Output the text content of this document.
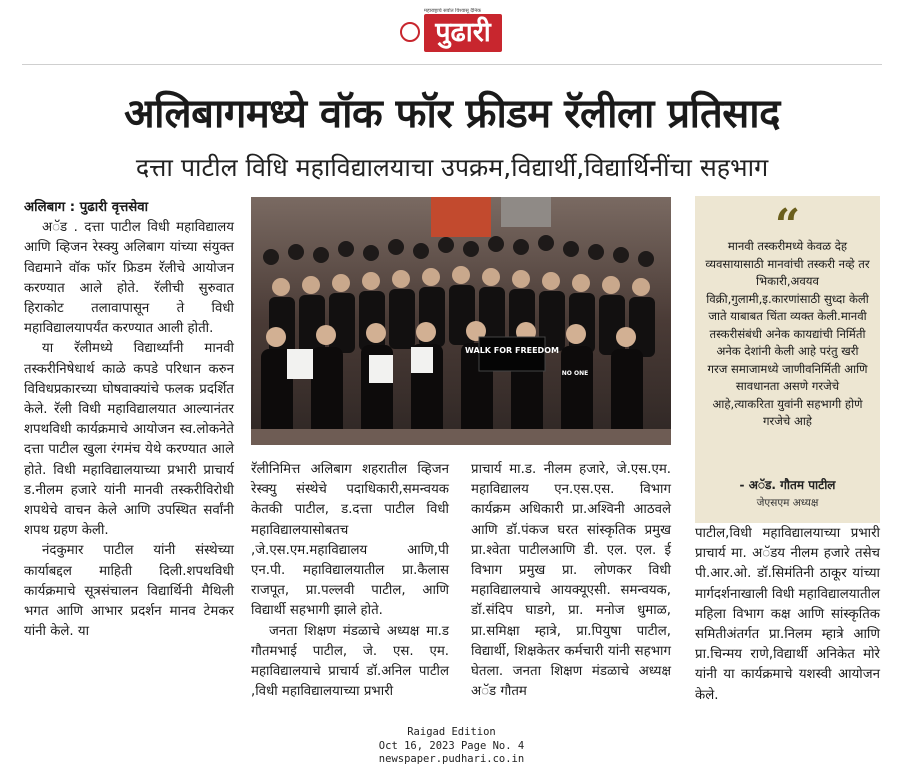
महाराष्ट्राचे सर्वात विश्वासू दैनिक
पुढारी
अलिबागमध्ये वॉक फॉर फ्रीडम रॅलीला प्रतिसाद
दत्ता पाटील विधि महाविद्यालयाचा उपक्रम,विद्यार्थी,विद्यार्थिनींचा सहभाग

अलिबाग : पुढारी वृत्तसेवा

अॅड . दत्ता पाटील विधी महाविद्यालय आणि व्हिजन रेस्क्यु अलिबाग यांच्या संयुक्त विद्यमाने वॉक फॉर फ्रिडम रॅलीचे आयोजन करण्यात आले होते. रॅलीची सुरुवात हिराकोट तलावापासून ते विधी महाविद्यालयापर्यंत करण्यात आली होती.

या रॅलीमध्ये विद्यार्थ्यांनी मानवी तस्करीनिषेधार्थ काळे कपडे परिधान करुन विविधप्रकारच्या घोषवाक्यांचे फलक प्रदर्शित केले. रॅली विधी महाविद्यालयात आल्यानंतर शपथविधी कार्यक्रमाचे आयोजन स्व.लोकनेते दत्ता पाटील खुला रंगमंच येथे करण्यात आले होते. विधी महाविद्यालयाच्या प्रभारी प्राचार्य ड.नीलम हजारे यांनी मानवी तस्करीविरोधी शपथेचे वाचन केले आणि उपस्थित सर्वांनी शपथ ग्रहण केली.

नंदकुमार पाटील यांनी संस्थेच्या कार्याबद्दल माहिती दिली.शपथविधी कार्यक्रमाचे सूत्रसंचालन विद्यार्थिनी मैथिली भगत आणि आभार प्रदर्शन मानव टेमकर यांनी केले. या

WALK FOR FREEDOM
NO ONE

रॅलीनिमित्त अलिबाग शहरातील व्हिजन रेस्क्यु संस्थेचे पदाधिकारी,समन्वयक केतकी पाटील, ड.दत्ता पाटील विधी महाविद्यालयासोबतच ,जे.एस.एम.महाविद्यालय आणि,पी एन.पी. महाविद्यालयातील प्रा.कैलास राजपूत, प्रा.पल्लवी पाटील, आणि विद्यार्थी सहभागी झाले होते.

जनता शिक्षण मंडळाचे अध्यक्ष मा.ड गौतमभाई पाटील, जे. एस. एम. महाविद्यालयाचे प्राचार्य डॉ.अनिल पाटील ,विधी महाविद्यालयाच्या प्रभारी

प्राचार्य मा.ड. नीलम हजारे, जे.एस.एम. महाविद्यालय एन.एस.एस. विभाग कार्यक्रम अधिकारी प्रा.अश्विनी आठवले आणि डॉ.पंकज घरत सांस्कृतिक प्रमुख प्रा.श्वेता पाटीलआणि डी. एल. एल. ई विभाग प्रमुख प्रा. लोणकर विधी महाविद्यालयाचे आयक्यूएसी. समन्वयक, डॉ.संदिप घाडगे, प्रा. मनोज धुमाळ, प्रा.समिक्षा म्हात्रे, प्रा.पियुषा पाटील, विद्यार्थी, शिक्षकेतर कर्मचारी यांनी सहभाग घेतला. जनता शिक्षण मंडळाचे अध्यक्ष अॅड गौतम

“
मानवी तस्करीमध्ये केवळ देह व्यवसायासाठी मानवांची तस्करी नव्हे तर भिकारी,अवयव विक्री,गुलामी,इ.कारणांसाठी सुध्दा केली जाते याबाबत चिंता व्यक्त केली.मानवी तस्करीसंबंधी अनेक कायद्यांची निर्मिती अनेक देशांनी केली आहे परंतु खरी गरज समाजामध्ये जाणीवनिर्मिती आणि सावधानता असणे गरजेचे आहे,त्याकरिता युवांनी सहभागी होणे गरजेचे आहे
- अॅड. गौतम पाटील
जेएसएम अध्यक्ष

पाटील,विधी महाविद्यालयाच्या प्रभारी प्राचार्य मा. अॅडय नीलम हजारे तसेच पी.आर.ओ. डॉ.सिमंतिनी ठाकूर यांच्या मार्गदर्शनाखाली विधी महाविद्यालयातील महिला विभाग कक्ष आणि सांस्कृतिक समितीअंतर्गत प्रा.निलम म्हात्रे आणि प्रा.चिन्मय राणे,विद्यार्थी अनिकेत मोरे यांनी या कार्यक्रमाचे यशस्वी आयोजन केले.

Raigad Edition
Oct 16, 2023 Page No. 4
newspaper.pudhari.co.in
